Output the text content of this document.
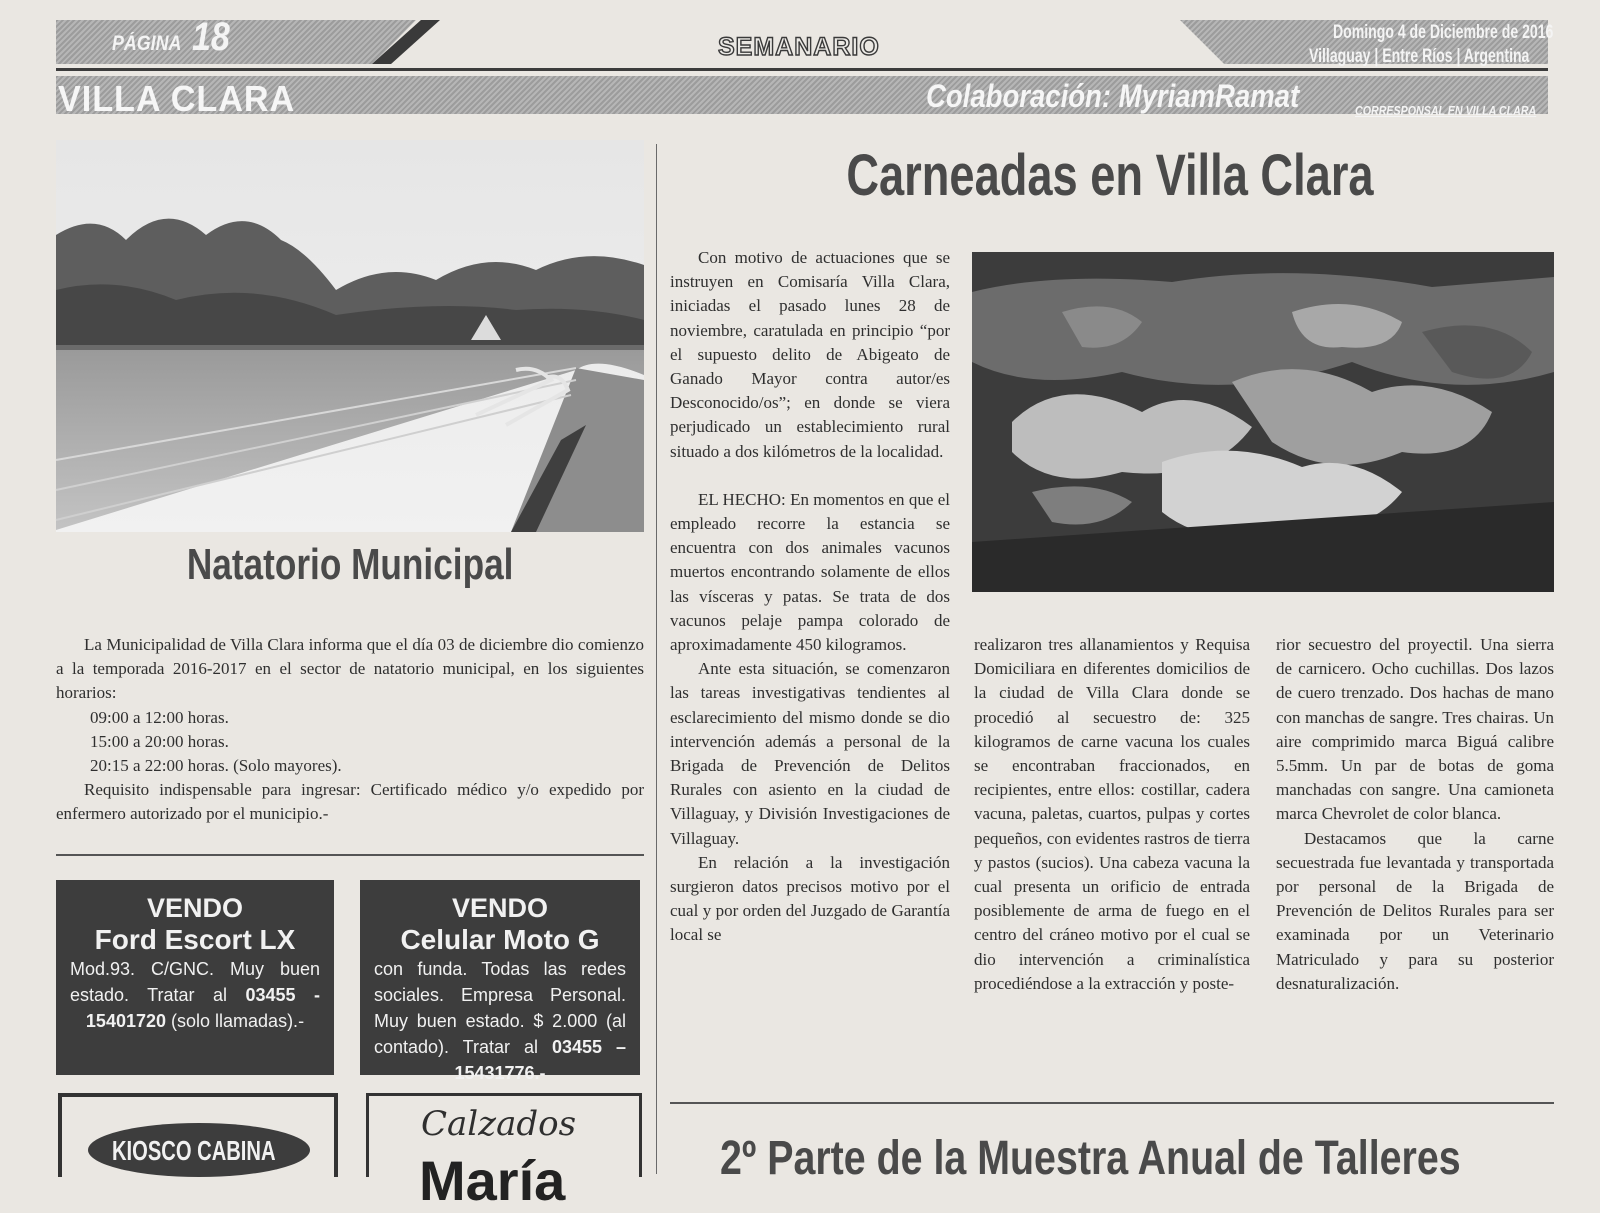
PÁGINA 18	SEMANARIO
Domingo 4 de Diciembre de 2016
Villaguay | Entre Ríos | Argentina
VILLA CLARA	Colaboración: MyriamRamat	CORRESPONSAL EN VILLA CLARA
Natatorio Municipal

La Municipalidad de Villa Clara informa que el día 03 de diciembre dio comienzo a la temporada 2016-2017 en el sector de natatorio municipal, en los siguientes horarios:

09:00 a 12:00 horas.

15:00 a 20:00 horas.

20:15 a 22:00 horas. (Solo mayores).

Requisito indispensable para ingresar: Certificado médico y/o expedido por enfermero autorizado por el municipio.-

VENDO
Ford Escort LX
Mod.93. C/GNC. Muy buen estado. Tratar al 03455 - 15401720 (solo llamadas).-
VENDO
Celular Moto G
con funda. Todas las redes sociales. Empresa Personal. Muy buen estado. $ 2.000 (al contado). Tratar al 03455 – 15431776.-
KIOSCO CABINA
Calzados
María
Carneadas en Villa Clara

Con motivo de actuaciones que se instruyen en Comisaría Villa Clara, iniciadas el pasado lunes 28 de noviembre, caratulada en principio “por el supuesto delito de Abigeato de Ganado Mayor contra autor/es Desconocido/os”; en donde se viera perjudicado un establecimiento rural situado a dos kilómetros de la localidad.

EL HECHO: En momentos en que el empleado recorre la estancia se encuentra con dos animales vacunos muertos encontrando solamente de ellos las vísceras y patas. Se trata de dos vacunos pelaje pampa colorado de aproximadamente 450 kilogramos.

Ante esta situación, se comenzaron las tareas investigativas tendientes al esclarecimiento del mismo donde se dio intervención además a personal de la Brigada de Prevención de Delitos Rurales con asiento en la ciudad de Villaguay, y División Investigaciones de Villaguay.

En relación a la investigación surgieron datos precisos motivo por el cual y por orden del Juzgado de Garantía local se

realizaron tres allanamientos y Requisa Domiciliara en diferentes domicilios de la ciudad de Villa Clara donde se procedió al secuestro de: 325 kilogramos de carne vacuna los cuales se encontraban fraccionados, en recipientes, entre ellos: costillar, cadera vacuna, paletas, cuartos, pulpas y cortes pequeños, con evidentes rastros de tierra y pastos (sucios). Una cabeza vacuna la cual presenta un orificio de entrada posiblemente de arma de fuego en el centro del cráneo motivo por el cual se dio intervención a criminalística procediéndose a la extracción y poste-

rior secuestro del proyectil. Una sierra de carnicero. Ocho cuchillas. Dos lazos de cuero trenzado. Dos hachas de mano con manchas de sangre. Tres chairas. Un aire comprimido marca Biguá calibre 5.5mm. Un par de botas de goma manchadas con sangre. Una camioneta marca Chevrolet de color blanca.

Destacamos que la carne secuestrada fue levantada y transportada por personal de la Brigada de Prevención de Delitos Rurales para ser examinada por un Veterinario Matriculado y para su posterior desnaturalización.

2º Parte de la Muestra Anual de Talleres
